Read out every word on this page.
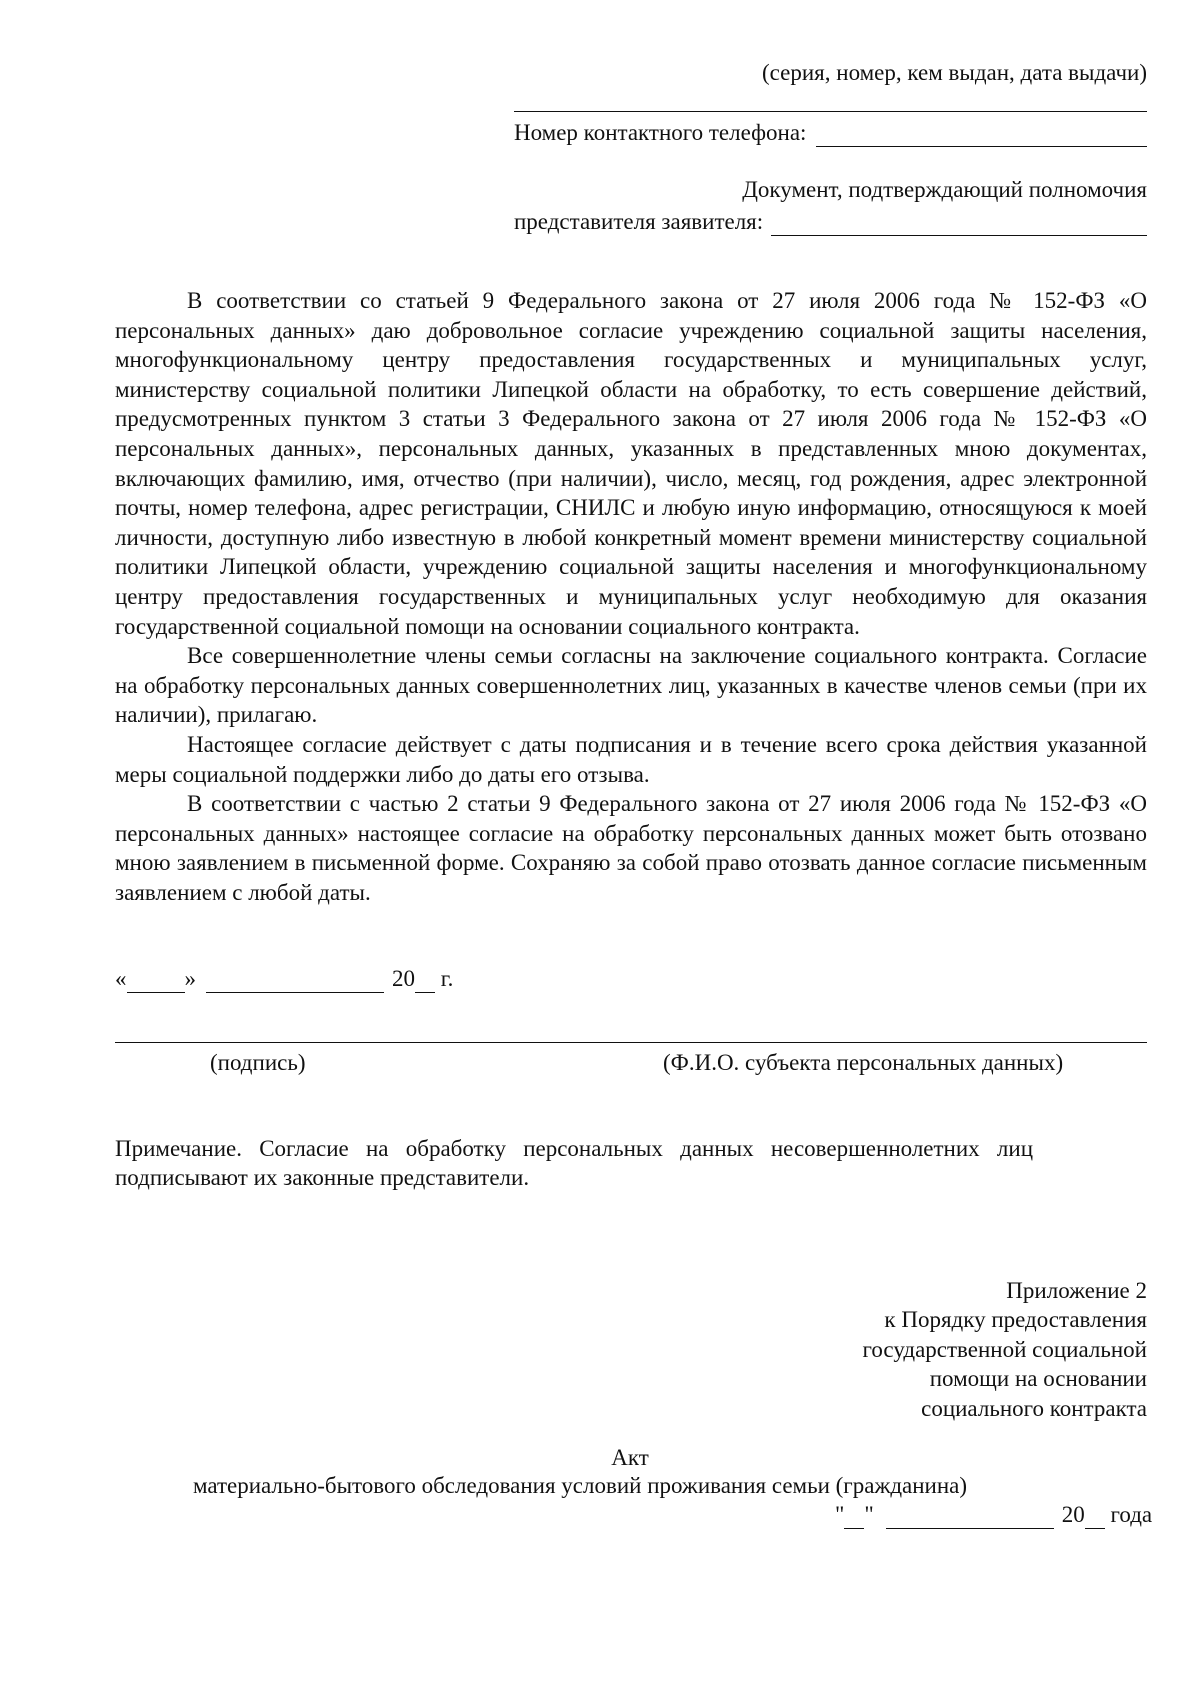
(серия, номер, кем выдан, дата выдачи)
Номер контактного телефона:
Документ, подтверждающий полномочия
представителя заявителя:

В соответствии со статьей 9 Федерального закона от 27 июля 2006 года № 152-ФЗ «О персональных данных» даю добровольное согласие учреждению социальной защиты населения, многофункциональному центру предоставления государственных и муниципальных услуг, министерству социальной политики Липецкой области на обработку, то есть совершение действий, предусмотренных пунктом 3 статьи 3 Федерального закона от 27 июля 2006 года № 152-ФЗ «О персональных данных», персональных данных, указанных в представленных мною документах, включающих фамилию, имя, отчество (при наличии), число, месяц, год рождения, адрес электронной почты, номер телефона, адрес регистрации, СНИЛС и любую иную информацию, относящуюся к моей личности, доступную либо известную в любой конкретный момент времени министерству социальной политики Липецкой области, учреждению социальной защиты населения и многофункциональному центру предоставления государственных и муниципальных услуг необходимую для оказания государственной социальной помощи на основании социального контракта.

Все совершеннолетние члены семьи согласны на заключение социального контракта. Согласие на обработку персональных данных совершеннолетних лиц, указанных в качестве членов семьи (при их наличии), прилагаю.

Настоящее согласие действует с даты подписания и в течение всего срока действия указанной меры социальной поддержки либо до даты его отзыва.

В соответствии с частью 2 статьи 9 Федерального закона от 27 июля 2006 года № 152-ФЗ «О персональных данных» настоящее согласие на обработку персональных данных может быть отозвано мною заявлением в письменной форме. Сохраняю за собой право отозвать данное согласие письменным заявлением с любой даты.

«	»	20 г.
(подпись)	(Ф.И.О. субъекта персональных данных)

Примечание.   Согласие   на   обработку   персональных   данных   несовершеннолетних   лиц

подписывают их законные представители.

Приложение 2
к Порядку предоставления
государственной социальной
помощи на основании
социального контракта
Акт
материально-бытового обследования условий проживания семьи (гражданина)
" "	20 года
